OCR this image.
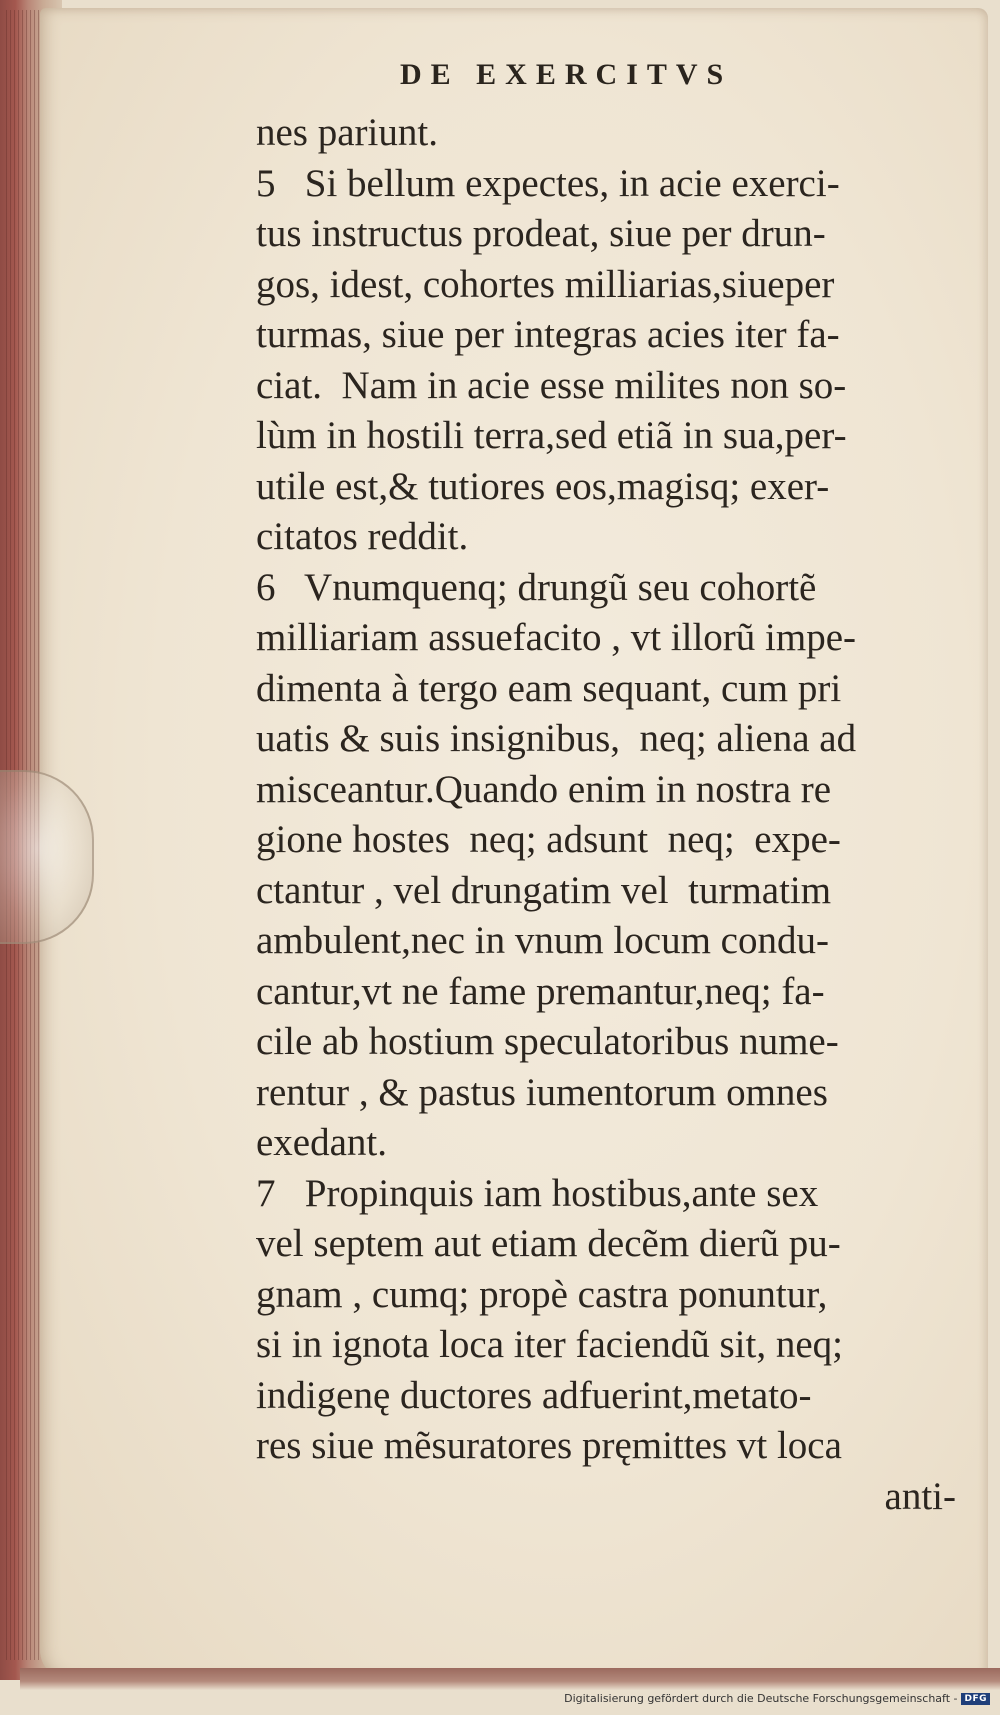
DE EXERCITVS
nes pariunt.
5   Si bellum expectes, in acie exerci-
tus instructus prodeat, siue per drun-
gos, idest, cohortes milliarias,siueper
turmas, siue per integras acies iter fa-
ciat.  Nam in acie esse milites non so-
lùm in hostili terra,sed etiã in sua,per-
utile est,& tutiores eos,magisq; exer-
citatos reddit.
6   Vnumquenq; drungũ seu cohortẽ
milliariam assuefacito , vt illorũ impe-
dimenta à tergo eam sequant, cum pri
uatis & suis insignibus,  neq; aliena ad
misceantur.Quando enim in nostra re
gione hostes  neq; adsunt  neq;  expe-
ctantur , vel drungatim vel  turmatim
ambulent,nec in vnum locum condu-
cantur,vt ne fame premantur,neq; fa-
cile ab hostium speculatoribus nume-
rentur , & pastus iumentorum omnes
exedant.
7   Propinquis iam hostibus,ante sex
vel septem aut etiam decẽm dierũ pu-
gnam , cumq; propè castra ponuntur,
si in ignota loca iter faciendũ sit, neq;
indigenę ductores adfuerint,metato-
res siue mẽsuratores pręmittes vt loca
anti-
Digitalisierung gefördert durch die Deutsche Forschungsgemeinschaft - DFG
